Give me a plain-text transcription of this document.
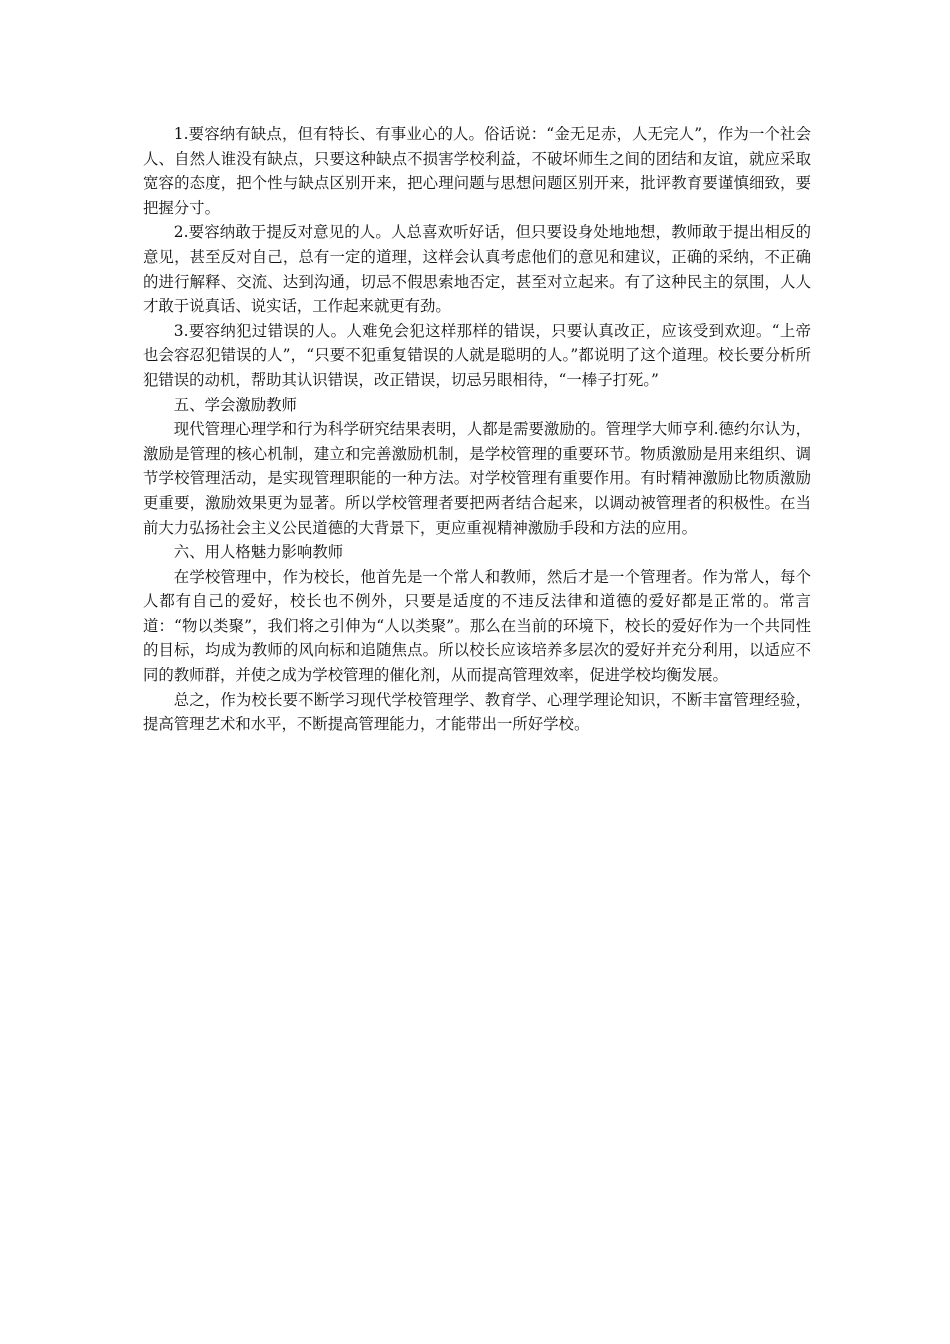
1.要容纳有缺点，但有特长、有事业心的人。俗话说：“金无足赤，人无完人”，作为一个社会人、自然人谁没有缺点，只要这种缺点不损害学校利益，不破坏师生之间的团结和友谊，就应采取宽容的态度，把个性与缺点区别开来，把心理问题与思想问题区别开来，批评教育要谨慎细致，要把握分寸。

2.要容纳敢于提反对意见的人。人总喜欢听好话，但只要设身处地地想，教师敢于提出相反的意见，甚至反对自己，总有一定的道理，这样会认真考虑他们的意见和建议，正确的采纳，不正确的进行解释、交流、达到沟通，切忌不假思索地否定，甚至对立起来。有了这种民主的氛围，人人才敢于说真话、说实话，工作起来就更有劲。

3.要容纳犯过错误的人。人难免会犯这样那样的错误，只要认真改正，应该受到欢迎。“上帝也会容忍犯错误的人”，“只要不犯重复错误的人就是聪明的人。”都说明了这个道理。校长要分析所犯错误的动机，帮助其认识错误，改正错误，切忌另眼相待，“一棒子打死。”

五、学会激励教师

现代管理心理学和行为科学研究结果表明，人都是需要激励的。管理学大师亨利.德约尔认为，激励是管理的核心机制，建立和完善激励机制，是学校管理的重要环节。物质激励是用来组织、调节学校管理活动，是实现管理职能的一种方法。对学校管理有重要作用。有时精神激励比物质激励更重要，激励效果更为显著。所以学校管理者要把两者结合起来，以调动被管理者的积极性。在当前大力弘扬社会主义公民道德的大背景下，更应重视精神激励手段和方法的应用。

六、用人格魅力影响教师

在学校管理中，作为校长，他首先是一个常人和教师，然后才是一个管理者。作为常人，每个人都有自己的爱好，校长也不例外，只要是适度的不违反法律和道德的爱好都是正常的。常言道：“物以类聚”，我们将之引伸为“人以类聚”。那么在当前的环境下，校长的爱好作为一个共同性的目标，均成为教师的风向标和追随焦点。所以校长应该培养多层次的爱好并充分利用，以适应不同的教师群，并使之成为学校管理的催化剂，从而提高管理效率，促进学校均衡发展。

总之，作为校长要不断学习现代学校管理学、教育学、心理学理论知识，不断丰富管理经验，提高管理艺术和水平，不断提高管理能力，才能带出一所好学校。
